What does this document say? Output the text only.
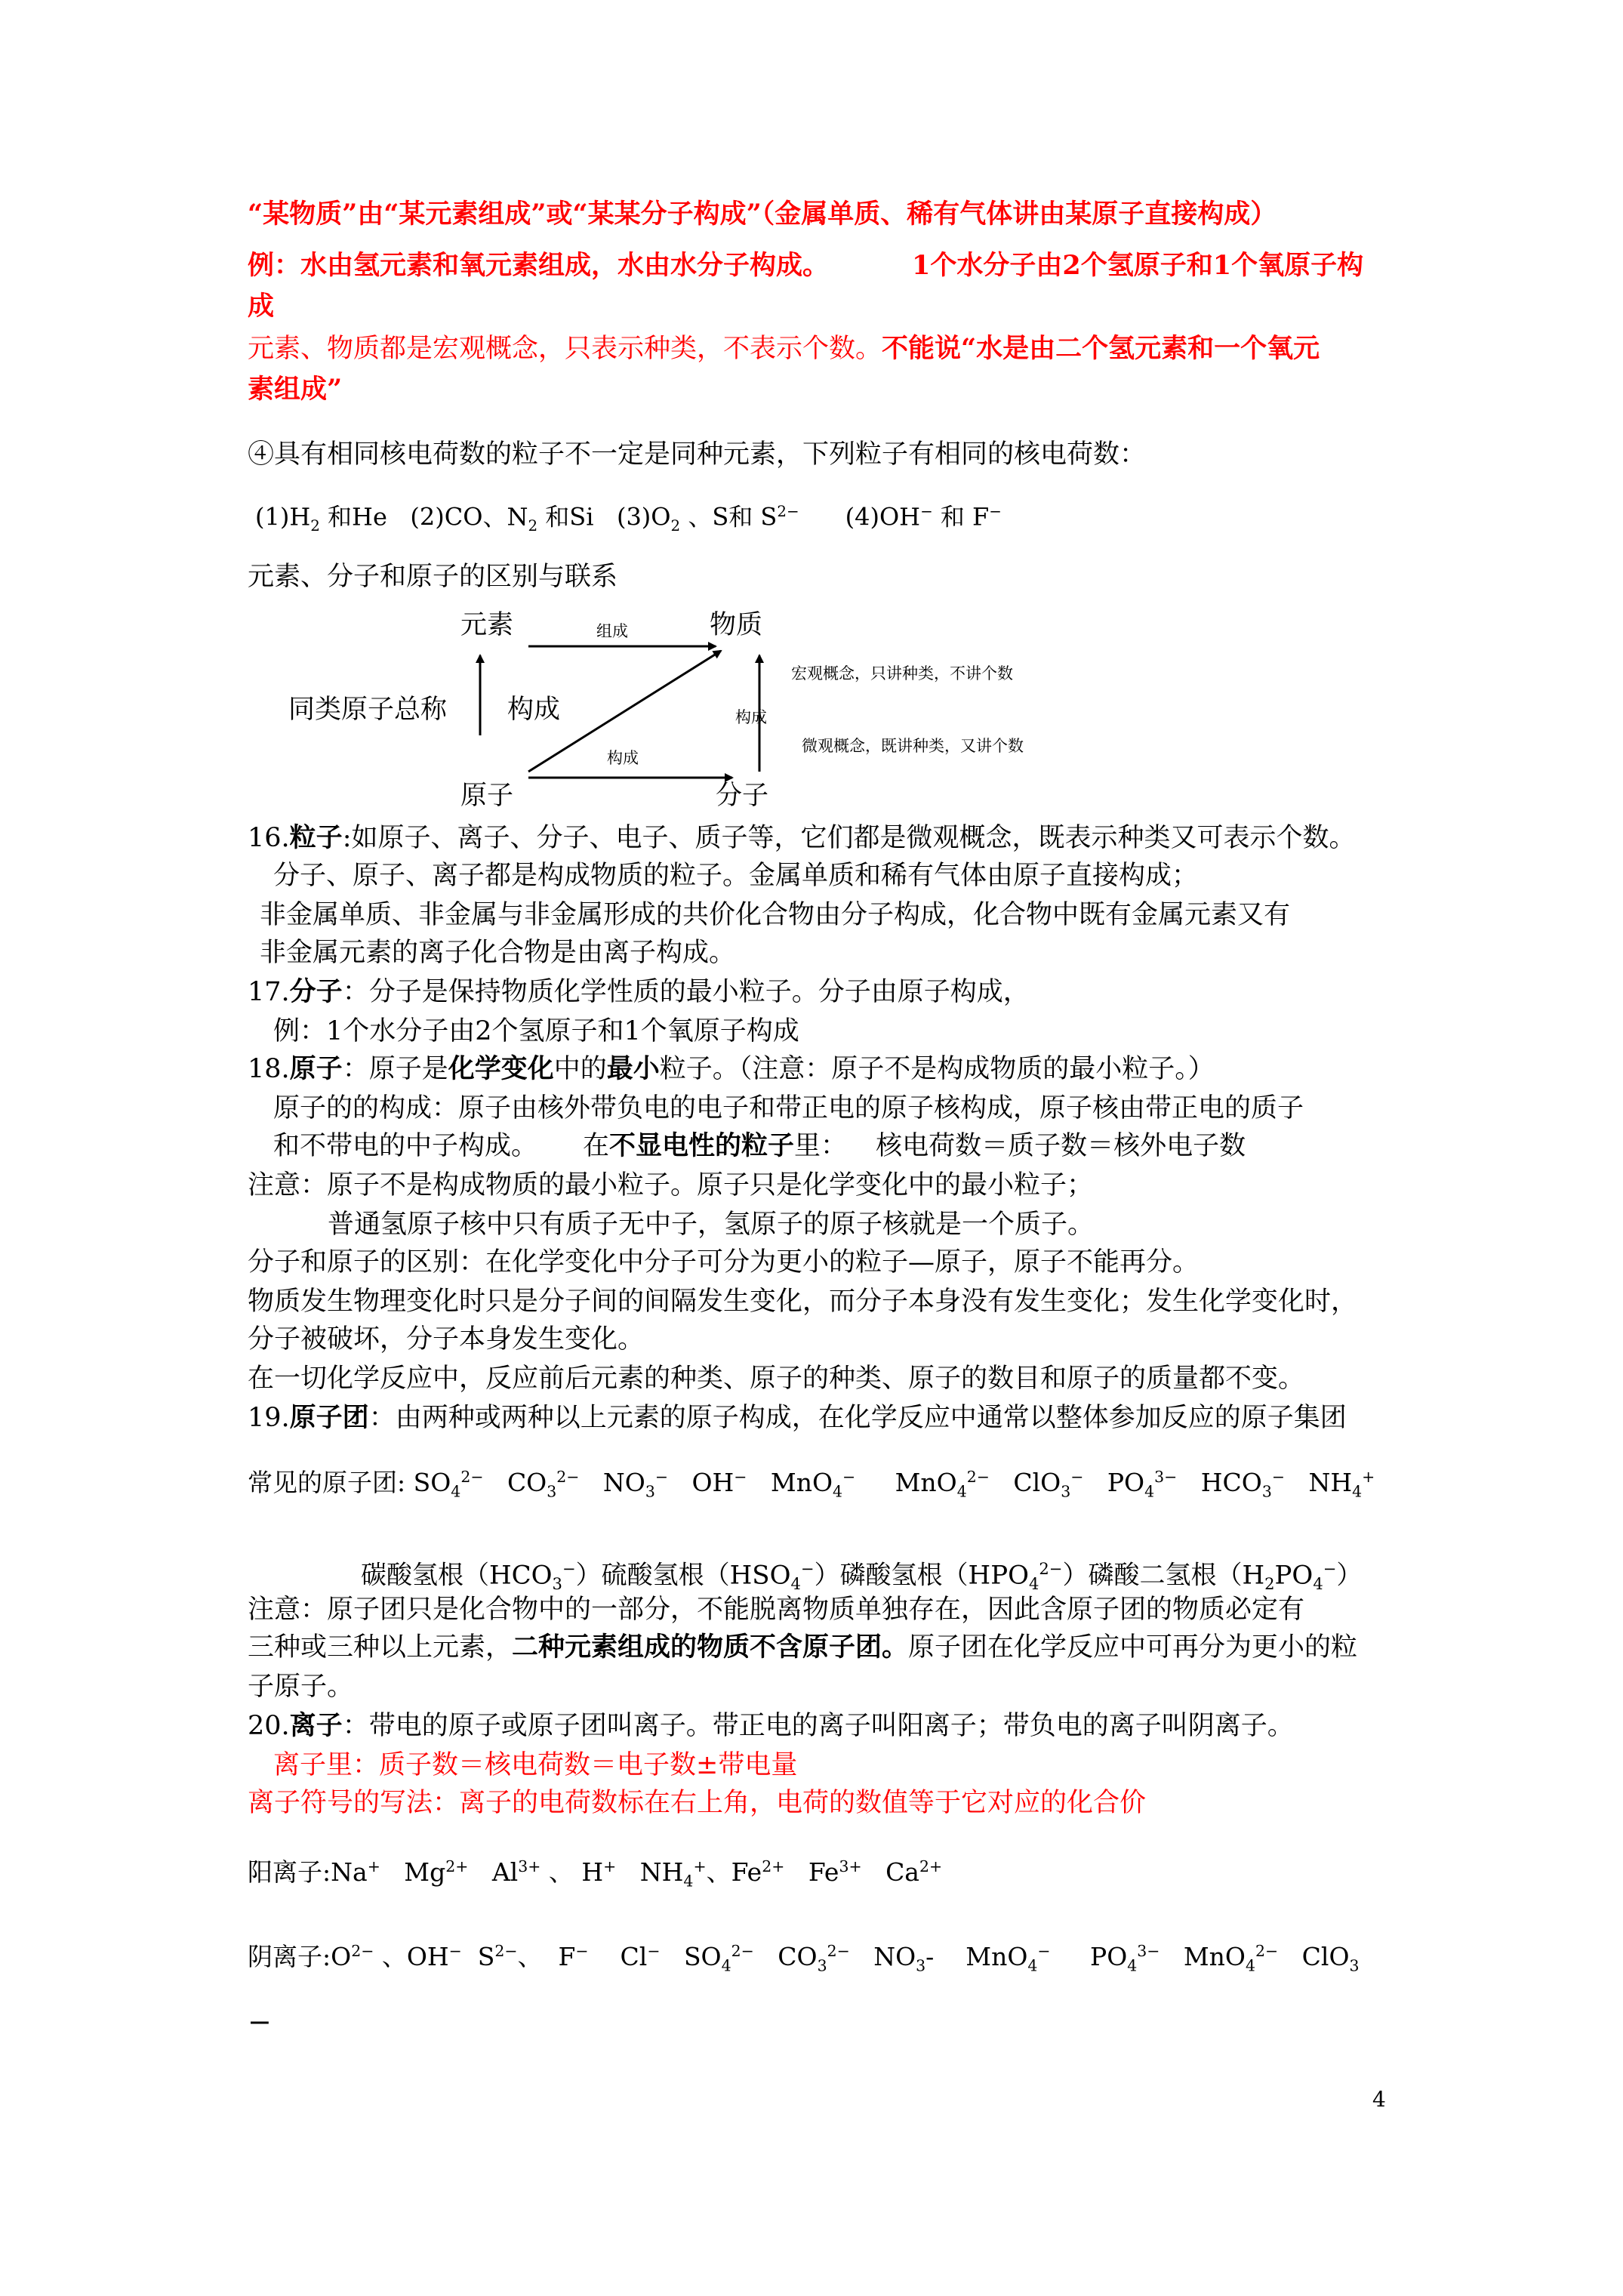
“某物质”由“某元素组成”或“某某分子构成”（金属单质、稀有气体讲由某原子直接构成）
例：水由氢元素和氧元素组成，水由水分子构成。	1个水分子由2个氢原子和1个氧原子构
成
元素、物质都是宏观概念，只表示种类，不表示个数。不能说“水是由二个氢元素和一个氧元
素组成”
④具有相同核电荷数的粒子不一定是同种元素，下列粒子有相同的核电荷数：
$(1)H_2$ 和He (2)CO、$N_2$ 和Si $(3)O_2$ 、S和 $S^{2-}$ (4)OH− 和 F−
元素、分子和原子的区别与联系
元素	物质
组成
同类原子总称 构成
宏观概念，只讲种类，不讲个数
构成
微观概念，既讲种类，又讲个数
构成
原子	分子
16.粒子:如原子、离子、分子、电子、质子等，它们都是微观概念，既表示种类又可表示个数。
分子、原子、离子都是构成物质的粒子。金属单质和稀有气体由原子直接构成；
非金属单质、非金属与非金属形成的共价化合物由分子构成，化合物中既有金属元素又有
非金属元素的离子化合物是由离子构成。
17.分子：分子是保持物质化学性质的最小粒子。分子由原子构成，
例：1个水分子由2个氢原子和1个氧原子构成
18.原子：原子是化学变化中的最小粒子。（注意：原子不是构成物质的最小粒子。）
原子的的构成：原子由核外带负电的电子和带正电的原子核构成，原子核由带正电的质子
和不带电的中子构成。 在不显电性的粒子里： 核电荷数＝质子数＝核外电子数
注意：原子不是构成物质的最小粒子。原子只是化学变化中的最小粒子；
普通氢原子核中只有质子无中子，氢原子的原子核就是一个质子。
分子和原子的区别：在化学变化中分子可分为更小的粒子—原子，原子不能再分。
物质发生物理变化时只是分子间的间隔发生变化，而分子本身没有发生变化；发生化学变化时，
分子被破坏，分子本身发生变化。
在一切化学反应中，反应前后元素的种类、原子的种类、原子的数目和原子的质量都不变。
19.原子团：由两种或两种以上元素的原子构成，在化学反应中通常以整体参加反应的原子集团
常见的原子团: $SO_4^{2-}$ $CO_3^{2-}$ $NO_3^-$ OH− MnO$_4$− MnO$_4^{2-}$ ClO$_3$− $PO_4^{3-}$ $HCO_3^-$ $NH_4^+$
碳酸氢根$(HCO_3^-)$硫酸氢根$(HSO_4^-)$磷酸氢根$(HPO_4^{2-})$磷酸二氢根$(H_2PO_4^-)$
注意：原子团只是化合物中的一部分，不能脱离物质单独存在，因此含原子团的物质必定有
三种或三种以上元素，二种元素组成的物质不含原子团。原子团在化学反应中可再分为更小的粒
子原子。
20.离子：带电的原子或原子团叫离子。带正电的离子叫阳离子；带负电的离子叫阴离子。
离子里：质子数＝核电荷数＝电子数±带电量
离子符号的写法：离子的电荷数标在右上角，电荷的数值等于它对应的化合价
阳离子:Na+ $Mg^{2+}$ $Al^{3+}$ 、 H+ $NH_4^+$、$Fe^{2+}$ $Fe^{3+}$ $Ca^{2+}$
阴离子$:O^{2-}$ 、OH− $S^{2-}$、 F− Cl− $SO_4^{2-}$ $CO_3^{2-}$ $NO_3-$ MnO$_4$− $PO_4^{3-}$ MnO$_4^{2-}$ ClO$_3$
−
4
